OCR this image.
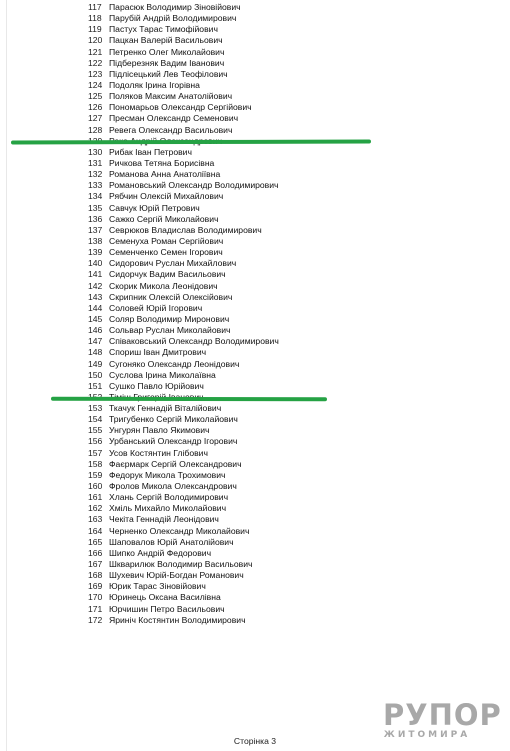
117 Парасюк Володимир Зіновійович
118 Парубій Андрій Володимирович
119 Пастух Тарас Тимофійович
120 Пацкан Валерій Васильович
121 Петренко Олег Миколайович
122 Підберезняк Вадим Іванович
123 Підлісецький Лев Теофілович
124 Подоляк Ірина Ігорівна
125 Поляков Максим Анатолійович
126 Пономарьов Олександр Сергійович
127 Пресман Олександр Семенович
128 Ревега Олександр Васильович
130 Рибак Іван Петрович
131 Ричкова Тетяна Борисівна
132 Романова Анна Анатоліївна
133 Романовський Олександр Володимирович
134 Рябчин Олексій Михайлович
135 Савчук Юрій Петрович
136 Сажко Сергій Миколайович
137 Севрюков Владислав Володимирович
138 Семенуха Роман Сергійович
139 Семенченко Семен Ігорович
140 Сидорович Руслан Михайлович
141 Сидорчук Вадим Васильович
142 Скорик Микола Леонідович
143 Скрипник Олексій Олексійович
144 Соловей Юрій Ігорович
145 Соляр Володимир Миронович
146 Сольвар Руслан Миколайович
147 Співаковський Олександр Володимирович
148 Спориш Іван Дмитрович
149 Сугоняко Олександр Леонідович
150 Суслова Ірина Миколаївна
151 Сушко Павло Юрійович
153 Ткачук Геннадій Віталійович
154 Тригубенко Сергій Миколайович
155 Унгурян Павло Якимович
156 Урбанський Олександр Ігорович
157 Усов Костянтин Глібович
158 Фаєрмарк Сергій Олександрович
159 Федорук Микола Трохимович
160 Фролов Микола Олександрович
161 Хлань Сергій Володимирович
162 Хміль Михайло Миколайович
163 Чекіта Геннадій Леонідович
164 Черненко Олександр Миколайович
165 Шаповалов Юрій Анатолійович
166 Шипко Андрій Федорович
167 Шкварилюк Володимир Васильович
168 Шухевич Юрій-Богдан Романович
169 Юрик Тарас Зіновійович
170 Юринець Оксана Василівна
171 Юрчишин Петро Васильович
172 Яриніч Костянтин Володимирович
Сторінка 3
РУПОР
ЖИТОМИРА
